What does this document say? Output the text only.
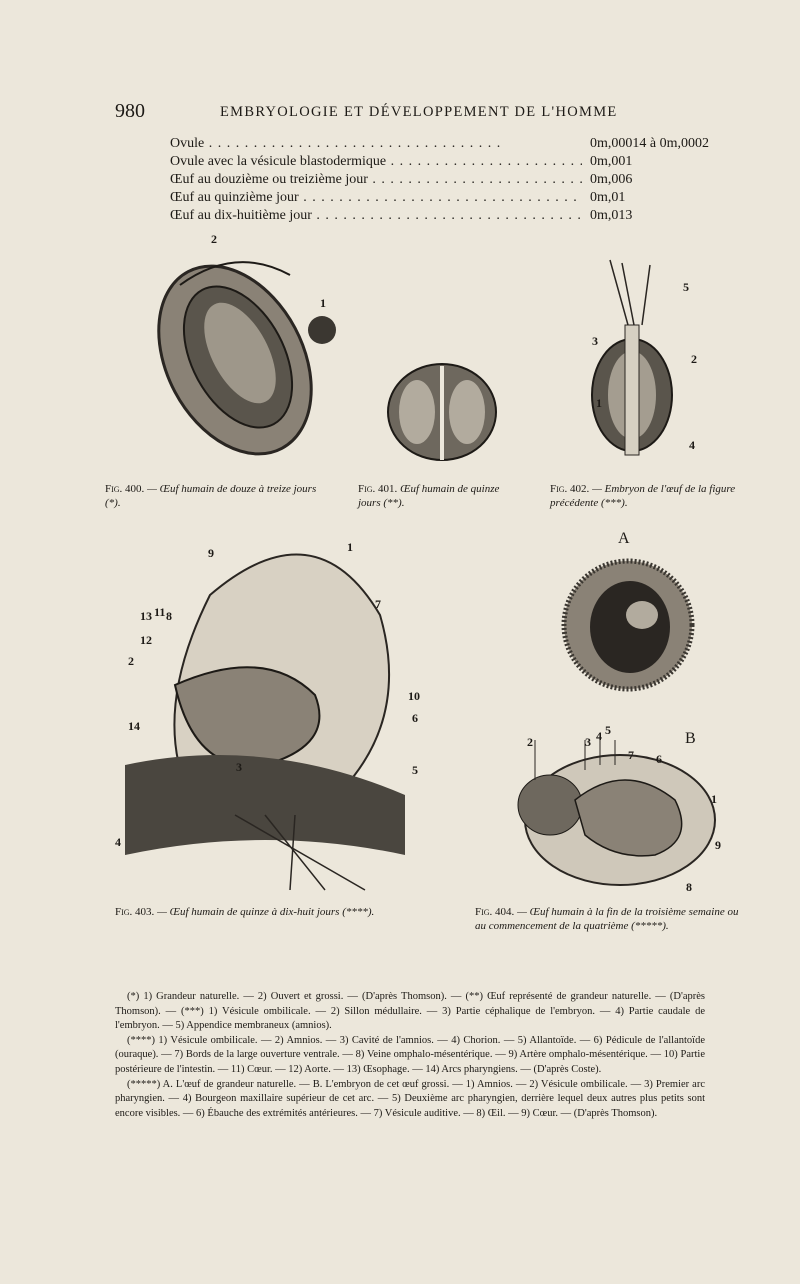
980	EMBRYOLOGIE ET DÉVELOPPEMENT DE L'HOMME
Ovule . . .	0m,00014 à 0m,0002
Ovule avec la vésicule blastodermique . . .	0m,001
Œuf au douzième ou treizième jour . . .	0m,006
Œuf au quinzième jour . . .	0m,01
Œuf au dix-huitième jour . . .	0m,013
2
1
5
3
2
1
4
Fig. 400. — Œuf humain de douze à treize jours (*).
Fig. 401. Œuf humain de quinze jours (**).
Fig. 402. — Embryon de l'œuf de la figure précédente (***).
9	1
13 11 8
12
7
2
10
14
6
3	5
4
A
2	3 4 5
7 6
B
1
9
8
Fig. 403. — Œuf humain de quinze à dix-huit jours (****).	Fig. 404. — Œuf humain à la fin de la troisième semaine ou au commencement de la quatrième (*****).

(*) 1) Grandeur naturelle. — 2) Ouvert et grossi. — (D'après Thomson). — (**) Œuf représenté de grandeur naturelle. — (D'après Thomson). — (***) 1) Vésicule ombilicale. — 2) Sillon médullaire. — 3) Partie céphalique de l'embryon. — 4) Partie caudale de l'embryon. — 5) Appendice membraneux (amnios).

(****) 1) Vésicule ombilicale. — 2) Amnios. — 3) Cavité de l'amnios. — 4) Chorion. — 5) Allantoïde. — 6) Pédicule de l'allantoïde (ouraque). — 7) Bords de la large ouverture ventrale. — 8) Veine omphalo-mésentérique. — 9) Artère omphalo-mésentérique. — 10) Partie postérieure de l'intestin. — 11) Cœur. — 12) Aorte. — 13) Œsophage. — 14) Arcs pharyngiens. — (D'après Coste).

(*****) A. L'œuf de grandeur naturelle. — B. L'embryon de cet œuf grossi. — 1) Amnios. — 2) Vésicule ombilicale. — 3) Premier arc pharyngien. — 4) Bourgeon maxillaire supérieur de cet arc. — 5) Deuxième arc pharyngien, derrière lequel deux autres plus petits sont encore visibles. — 6) Ébauche des extrémités antérieures. — 7) Vésicule auditive. — 8) Œil. — 9) Cœur. — (D'après Thomson).
